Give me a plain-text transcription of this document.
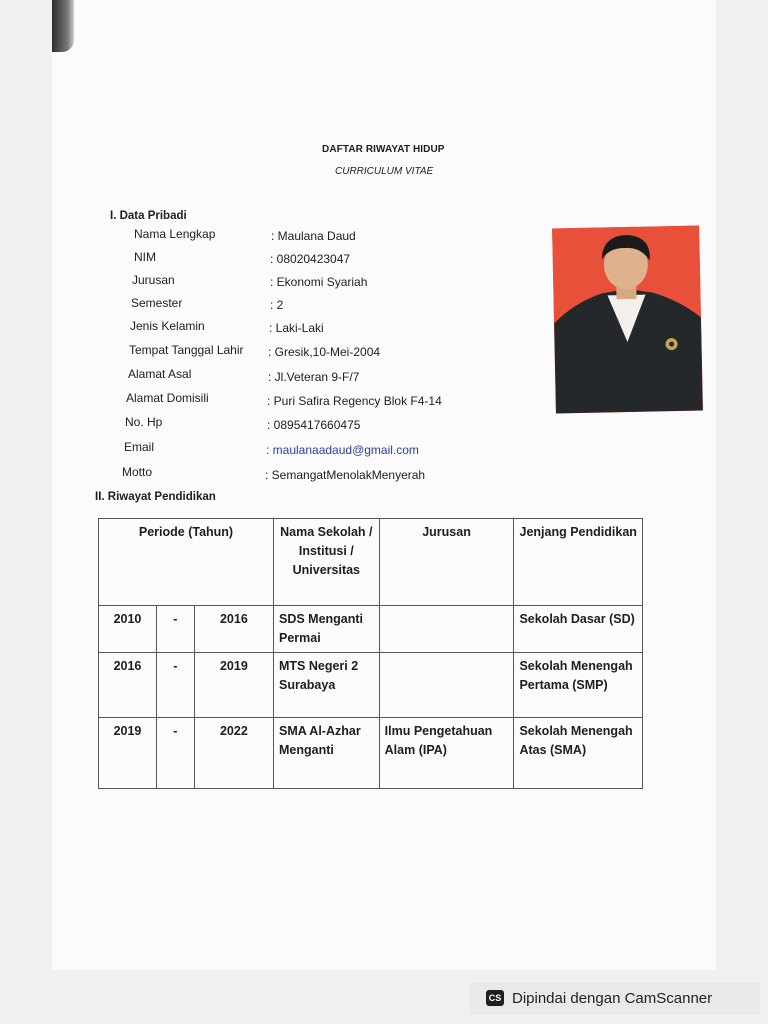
DAFTAR RIWAYAT HIDUP
CURRICULUM VITAE
I. Data Pribadi
Nama Lengkap	: Maulana Daud
NIM	: 08020423047
Jurusan	: Ekonomi Syariah
Semester	: 2
Jenis Kelamin	: Laki-Laki
Tempat Tanggal Lahir : Gresik,10-Mei-2004
Alamat Asal	: Jl.Veteran 9-F/7
Alamat Domisili	: Puri Safira Regency Blok F4-14
No. Hp	: 0895417660475
Email	: maulanaadaud@gmail.com
Motto	: SemangatMenolakMenyerah
II. Riwayat Pendidikan
Periode (Tahun)			Nama Sekolah / Institusi / Universitas	Jurusan	Jenjang Pendidikan
2010	-	2016	SDS Menganti Permai		Sekolah Dasar (SD)
2016	-	2019	MTS Negeri 2 Surabaya		Sekolah Menengah Pertama (SMP)
2019	-	2022	SMA Al-Azhar Menganti	Ilmu Pengetahuan Alam (IPA)	Sekolah Menengah Atas (SMA)
CS Dipindai dengan CamScanner
